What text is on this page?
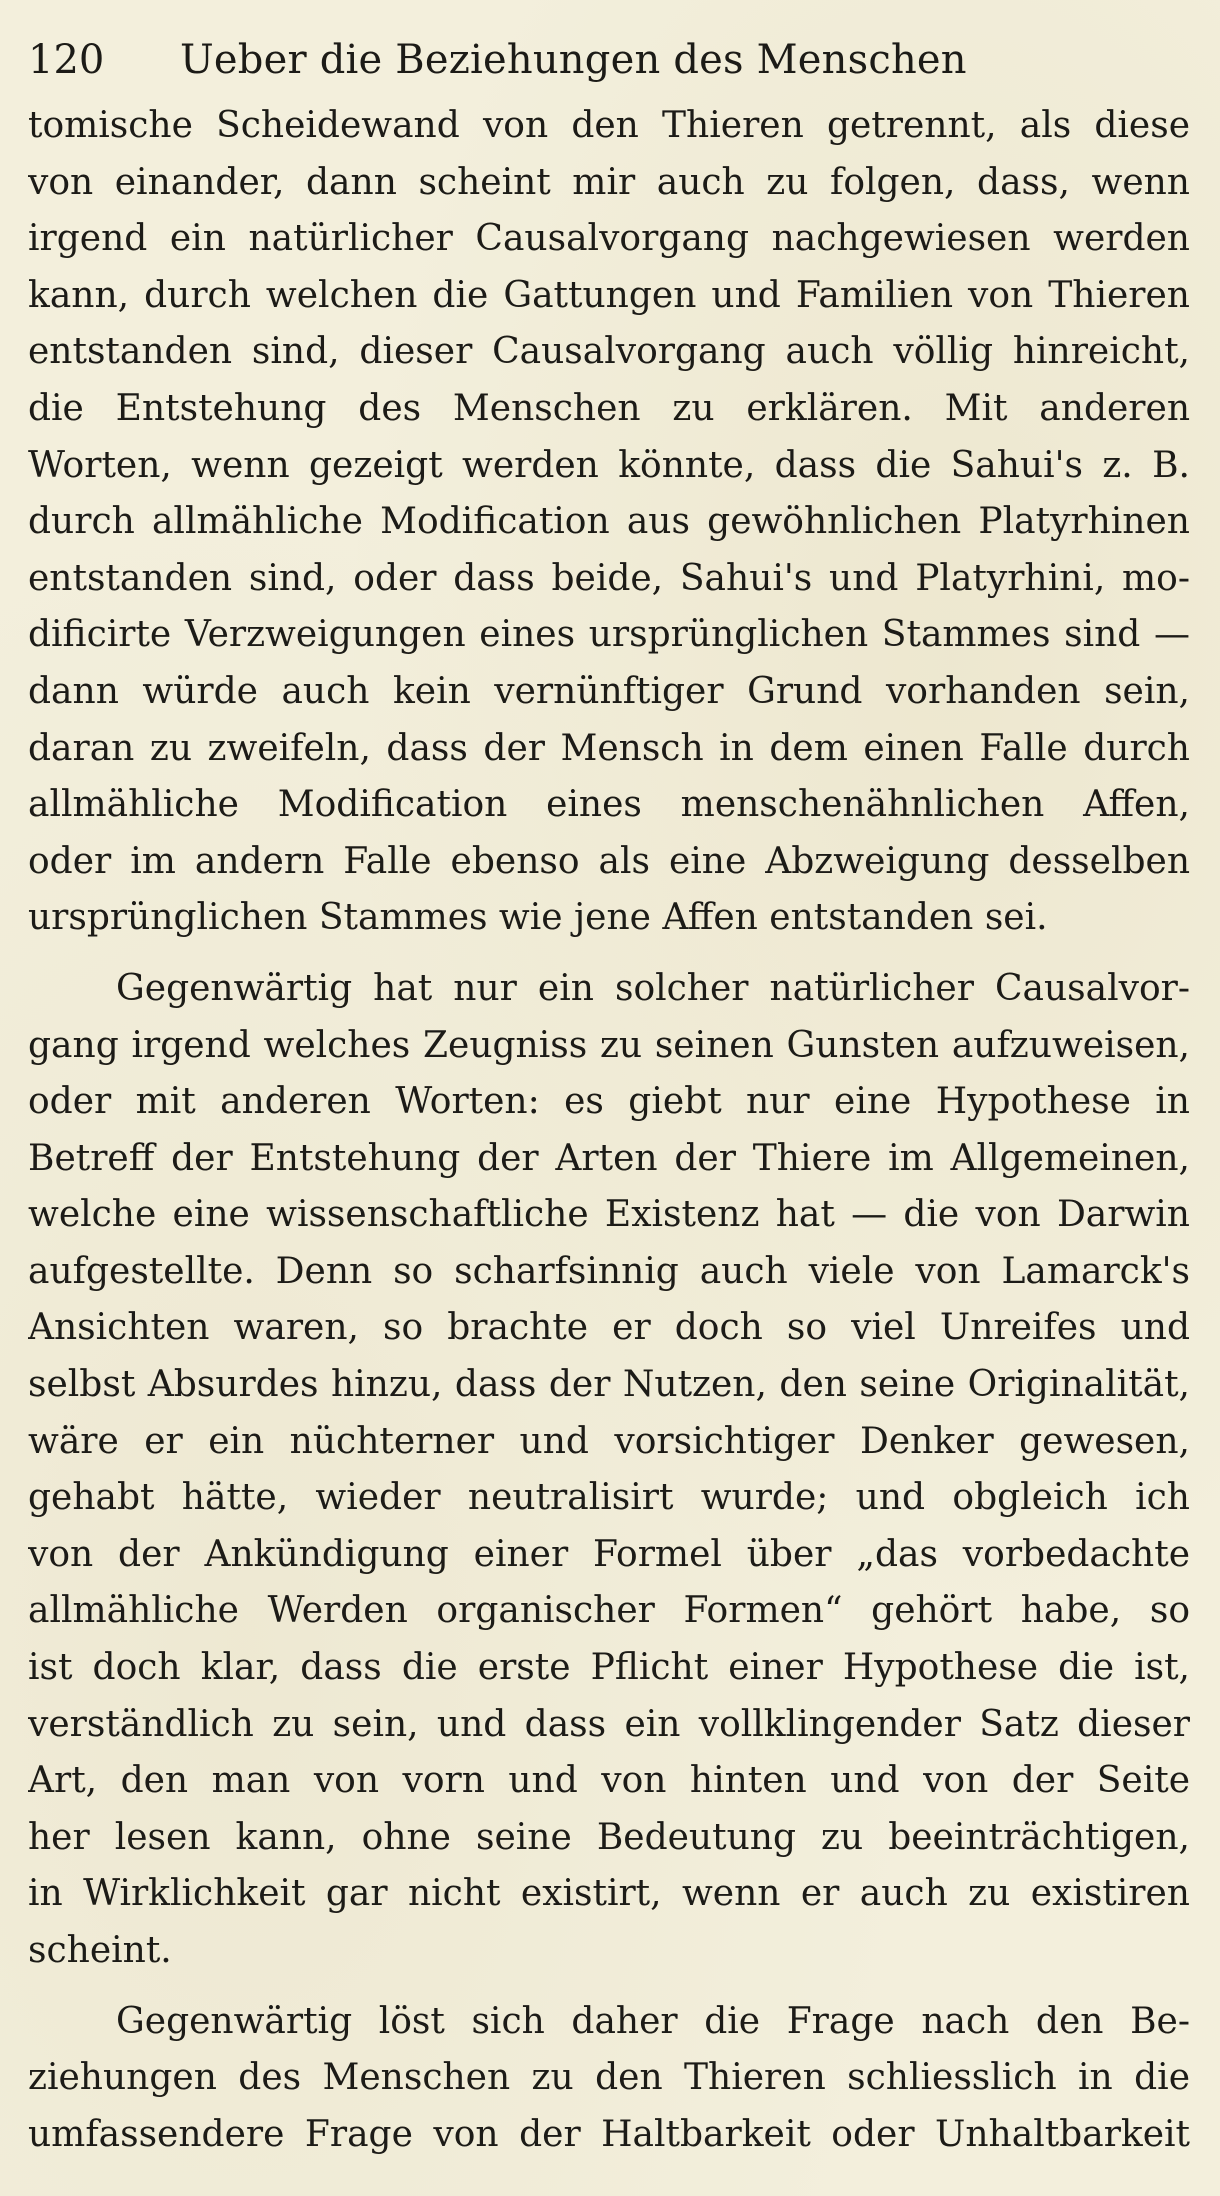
120	Ueber die Beziehungen des Menschen
tomische Scheidewand von den Thieren getrennt, als diese
von einander, dann scheint mir auch zu folgen, dass, wenn
irgend ein natürlicher Causalvorgang nachgewiesen werden
kann, durch welchen die Gattungen und Familien von Thieren
entstanden sind, dieser Causalvorgang auch völlig hinreicht,
die Entstehung des Menschen zu erklären. Mit anderen
Worten, wenn gezeigt werden könnte, dass die Sahui's z. B.
durch allmähliche Modification aus gewöhnlichen Platyrhinen
entstanden sind, oder dass beide, Sahui's und Platyrhini, mo-
dificirte Verzweigungen eines ursprünglichen Stammes sind —
dann würde auch kein vernünftiger Grund vorhanden sein,
daran zu zweifeln, dass der Mensch in dem einen Falle durch
allmähliche Modification eines menschenähnlichen Affen,
oder im andern Falle ebenso als eine Abzweigung desselben
ursprünglichen Stammes wie jene Affen entstanden sei.
Gegenwärtig hat nur ein solcher natürlicher Causalvor-
gang irgend welches Zeugniss zu seinen Gunsten aufzuweisen,
oder mit anderen Worten: es giebt nur eine Hypothese in
Betreff der Entstehung der Arten der Thiere im Allgemeinen,
welche eine wissenschaftliche Existenz hat — die von Darwin
aufgestellte. Denn so scharfsinnig auch viele von Lamarck's
Ansichten waren, so brachte er doch so viel Unreifes und
selbst Absurdes hinzu, dass der Nutzen, den seine Originalität,
wäre er ein nüchterner und vorsichtiger Denker gewesen,
gehabt hätte, wieder neutralisirt wurde; und obgleich ich
von der Ankündigung einer Formel über „das vorbedachte
allmähliche Werden organischer Formen“ gehört habe, so
ist doch klar, dass die erste Pflicht einer Hypothese die ist,
verständlich zu sein, und dass ein vollklingender Satz dieser
Art, den man von vorn und von hinten und von der Seite
her lesen kann, ohne seine Bedeutung zu beeinträchtigen,
in Wirklichkeit gar nicht existirt, wenn er auch zu existiren
scheint.
Gegenwärtig löst sich daher die Frage nach den Be-
ziehungen des Menschen zu den Thieren schliesslich in die
umfassendere Frage von der Haltbarkeit oder Unhaltbarkeit
